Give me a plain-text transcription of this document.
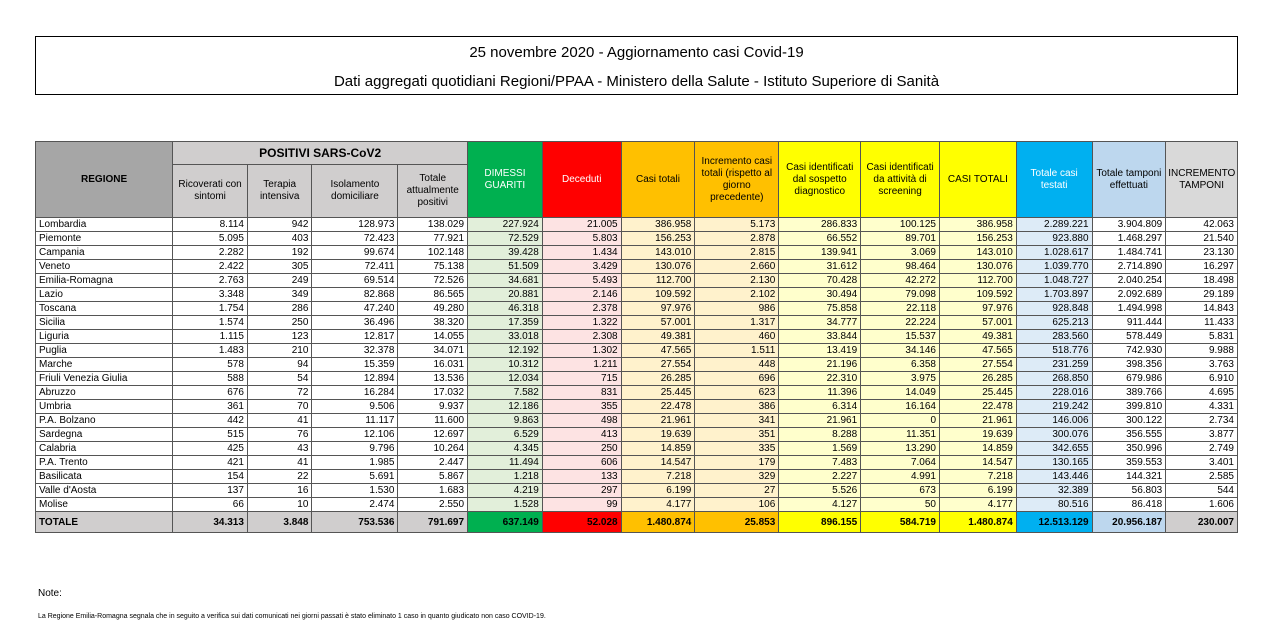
25 novembre 2020 - Aggiornamento casi Covid-19
Dati aggregati quotidiani Regioni/PPAA - Ministero della Salute - Istituto Superiore di Sanità
REGIONE	POSITIVI SARS-CoV2				DIMESSI GUARITI	Deceduti	Casi totali	Incremento casi totali (rispetto al giorno precedente)	Casi identificati dal sospetto diagnostico	Casi identificati da attività di screening	CASI TOTALI	Totale casi testati	Totale tamponi effettuati	INCREMENTO TAMPONI
	Ricoverati con sintomi	Terapia intensiva	Isolamento domiciliare	Totale attualmente positivi										
Lombardia	8.114	942	128.973	138.029	227.924	21.005	386.958	5.173	286.833	100.125	386.958	2.289.221	3.904.809	42.063
Piemonte	5.095	403	72.423	77.921	72.529	5.803	156.253	2.878	66.552	89.701	156.253	923.880	1.468.297	21.540
Campania	2.282	192	99.674	102.148	39.428	1.434	143.010	2.815	139.941	3.069	143.010	1.028.617	1.484.741	23.130
Veneto	2.422	305	72.411	75.138	51.509	3.429	130.076	2.660	31.612	98.464	130.076	1.039.770	2.714.890	16.297
Emilia-Romagna	2.763	249	69.514	72.526	34.681	5.493	112.700	2.130	70.428	42.272	112.700	1.048.727	2.040.254	18.498
Lazio	3.348	349	82.868	86.565	20.881	2.146	109.592	2.102	30.494	79.098	109.592	1.703.897	2.092.689	29.189
Toscana	1.754	286	47.240	49.280	46.318	2.378	97.976	986	75.858	22.118	97.976	928.848	1.494.998	14.843
Sicilia	1.574	250	36.496	38.320	17.359	1.322	57.001	1.317	34.777	22.224	57.001	625.213	911.444	11.433
Liguria	1.115	123	12.817	14.055	33.018	2.308	49.381	460	33.844	15.537	49.381	283.560	578.449	5.831
Puglia	1.483	210	32.378	34.071	12.192	1.302	47.565	1.511	13.419	34.146	47.565	518.776	742.930	9.988
Marche	578	94	15.359	16.031	10.312	1.211	27.554	448	21.196	6.358	27.554	231.259	398.356	3.763
Friuli Venezia Giulia	588	54	12.894	13.536	12.034	715	26.285	696	22.310	3.975	26.285	268.850	679.986	6.910
Abruzzo	676	72	16.284	17.032	7.582	831	25.445	623	11.396	14.049	25.445	228.016	389.766	4.695
Umbria	361	70	9.506	9.937	12.186	355	22.478	386	6.314	16.164	22.478	219.242	399.810	4.331
P.A. Bolzano	442	41	11.117	11.600	9.863	498	21.961	341	21.961	0	21.961	146.006	300.122	2.734
Sardegna	515	76	12.106	12.697	6.529	413	19.639	351	8.288	11.351	19.639	300.076	356.555	3.877
Calabria	425	43	9.796	10.264	4.345	250	14.859	335	1.569	13.290	14.859	342.655	350.996	2.749
P.A. Trento	421	41	1.985	2.447	11.494	606	14.547	179	7.483	7.064	14.547	130.165	359.553	3.401
Basilicata	154	22	5.691	5.867	1.218	133	7.218	329	2.227	4.991	7.218	143.446	144.321	2.585
Valle d'Aosta	137	16	1.530	1.683	4.219	297	6.199	27	5.526	673	6.199	32.389	56.803	544
Molise	66	10	2.474	2.550	1.528	99	4.177	106	4.127	50	4.177	80.516	86.418	1.606
TOTALE	34.313	3.848	753.536	791.697	637.149	52.028	1.480.874	25.853	896.155	584.719	1.480.874	12.513.129	20.956.187	230.007
Note:
La Regione Emilia-Romagna segnala che in seguito a verifica sui dati comunicati nei giorni passati è stato eliminato 1 caso in quanto giudicato non caso COVID-19.
